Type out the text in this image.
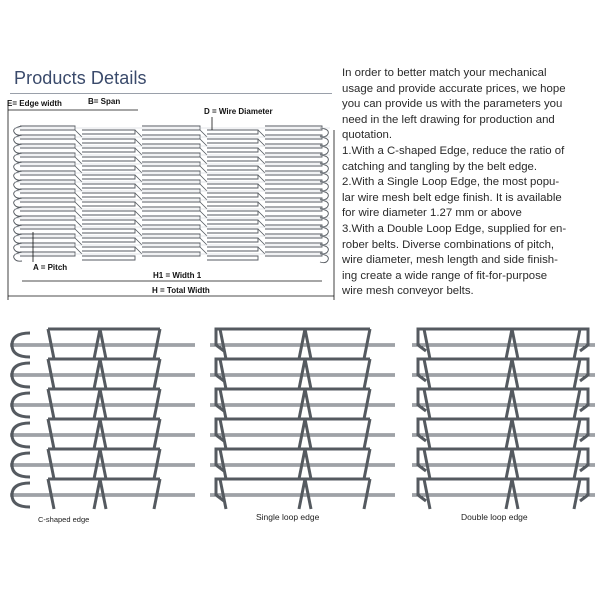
Products Details
E= Edge width	B= Span
D = Wire Diameter
A = Pitch
H1 = Width 1
H = Total Width

In order to better match your mechanical

usage and provide accurate prices, we hope

you can provide us with the parameters you

need in the left drawing for production and

quotation.

1.With a C-shaped Edge, reduce the ratio of

catching and tangling by the belt edge.

2.With a Single Loop Edge, the most popu-

lar wire mesh belt edge finish. It is available

for wire diameter 1.27 mm or above

3.With a Double Loop Edge, supplied for en-

rober belts. Diverse combinations of pitch,

wire diameter, mesh length and side finish-

ing create a wide range of fit-for-purpose

wire mesh conveyor belts.

C-shaped edge	Single loop edge	Double loop edge
